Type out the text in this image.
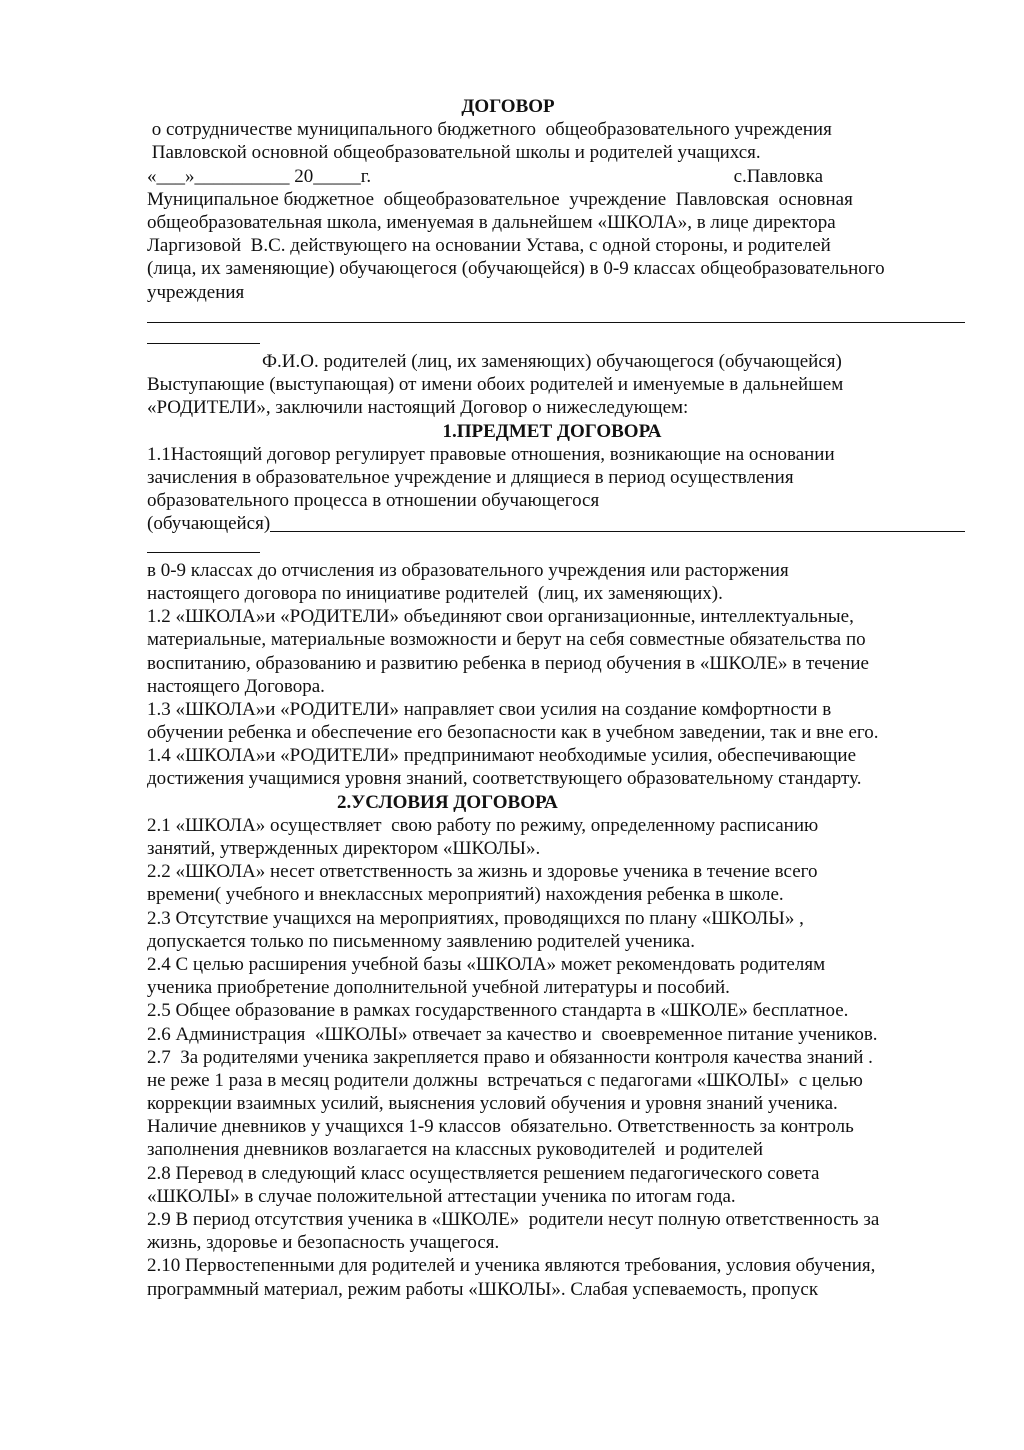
ДОГОВОР
о сотрудничестве муниципального бюджетного  общеобразовательного учреждения
Павловской основной общеобразовательной школы и родителей учащихся.
«___»__________ 20_____г.	с.Павловка
Муниципальное бюджетное  общеобразовательное  учреждение  Павловская  основная
общеобразовательная школа, именуемая в дальнейшем «ШКОЛА», в лице директора
Ларгизовой  В.С. действующего на основании Устава, с одной стороны, и родителей
(лица, их заменяющие) обучающегося (обучающейся) в 0-9 классах общеобразовательного
учреждения
Ф.И.О. родителей (лиц, их заменяющих) обучающегося (обучающейся)
Выступающие (выступающая) от имени обоих родителей и именуемые в дальнейшем
«РОДИТЕЛИ», заключили настоящий Договор о нижеследующем:
1.ПРЕДМЕТ ДОГОВОРА
1.1Настоящий договор регулирует правовые отношения, возникающие на основании
зачисления в образовательное учреждение и длящиеся в период осуществления
образовательного процесса в отношении обучающегося
(обучающейся)
в 0-9 классах до отчисления из образовательного учреждения или расторжения
настоящего договора по инициативе родителей  (лиц, их заменяющих).
1.2 «ШКОЛА»и «РОДИТЕЛИ» объединяют свои организационные, интеллектуальные,
материальные, материальные возможности и берут на себя совместные обязательства по
воспитанию, образованию и развитию ребенка в период обучения в «ШКОЛЕ» в течение
настоящего Договора.
1.3 «ШКОЛА»и «РОДИТЕЛИ» направляет свои усилия на создание комфортности в
обучении ребенка и обеспечение его безопасности как в учебном заведении, так и вне его.
1.4 «ШКОЛА»и «РОДИТЕЛИ» предпринимают необходимые усилия, обеспечивающие
достижения учащимися уровня знаний, соответствующего образовательному стандарту.
2.УСЛОВИЯ ДОГОВОРА
2.1 «ШКОЛА» осуществляет  свою работу по режиму, определенному расписанию
занятий, утвержденных директором «ШКОЛЫ».
2.2 «ШКОЛА» несет ответственность за жизнь и здоровье ученика в течение всего
времени( учебного и внеклассных мероприятий) нахождения ребенка в школе.
2.3 Отсутствие учащихся на мероприятиях, проводящихся по плану «ШКОЛЫ» ,
допускается только по письменному заявлению родителей ученика.
2.4 С целью расширения учебной базы «ШКОЛА» может рекомендовать родителям
ученика приобретение дополнительной учебной литературы и пособий.
2.5 Общее образование в рамках государственного стандарта в «ШКОЛЕ» бесплатное.
2.6 Администрация  «ШКОЛЫ» отвечает за качество и  своевременное питание учеников.
2.7  За родителями ученика закрепляется право и обязанности контроля качества знаний .
не реже 1 раза в месяц родители должны  встречаться с педагогами «ШКОЛЫ»  с целью
коррекции взаимных усилий, выяснения условий обучения и уровня знаний ученика.
Наличие дневников у учащихся 1-9 классов  обязательно. Ответственность за контроль
заполнения дневников возлагается на классных руководителей  и родителей
2.8 Перевод в следующий класс осуществляется решением педагогического совета
«ШКОЛЫ» в случае положительной аттестации ученика по итогам года.
2.9 В период отсутствия ученика в «ШКОЛЕ»  родители несут полную ответственность за
жизнь, здоровье и безопасность учащегося.
2.10 Первостепенными для родителей и ученика являются требования, условия обучения,
программный материал, режим работы «ШКОЛЫ». Слабая успеваемость, пропуск
